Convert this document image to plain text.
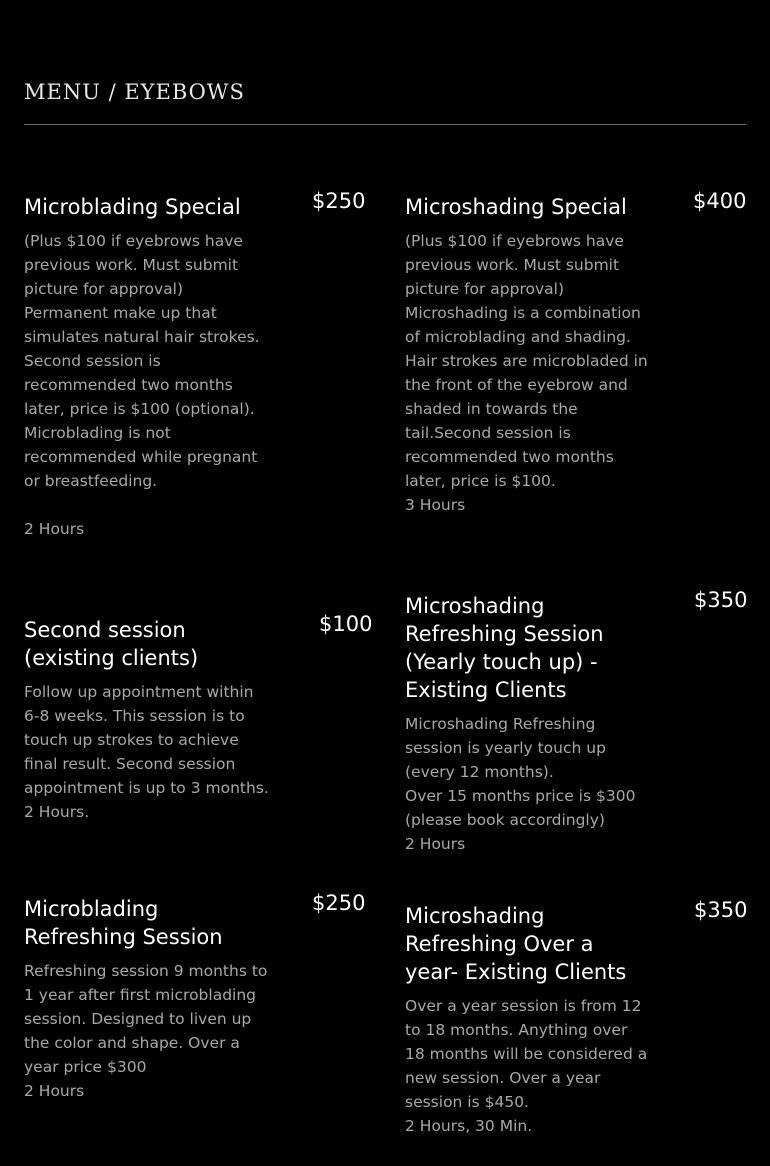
MENU / EYEBOWS
Microblading Special	$250
(Plus $100 if eyebrows have previous work. Must submit picture for approval)
Permanent make up that simulates natural hair strokes. Second session is recommended two months later, price is $100 (optional). Microblading is not recommended while pregnant or breastfeeding.

2 Hours
Microshading Special	$400
(Plus $100 if eyebrows have previous work. Must submit picture for approval)
Microshading is a combination of microblading and shading. Hair strokes are microbladed in the front of the eyebrow and shaded in towards the tail.Second session is recommended two months later, price is $100.
3 Hours
Second session (existing clients)
$100
Follow up appointment within 6-8 weeks. This session is to touch up strokes to achieve final result. Second session appointment is up to 3 months.
2 Hours.
Microshading Refreshing Session (Yearly touch up) - Existing Clients
$350
Microshading Refreshing session is yearly touch up (every 12 months).
Over 15 months price is $300 (please book accordingly)
2 Hours
Microblading Refreshing Session
$250
Refreshing session 9 months to 1 year after first microblading session. Designed to liven up the color and shape. Over a year price $300
2 Hours
Microshading Refreshing Over a year- Existing Clients
$350
Over a year session is from 12 to 18 months. Anything over 18 months will be considered a new session. Over a year session is $450.
2 Hours, 30 Min.
